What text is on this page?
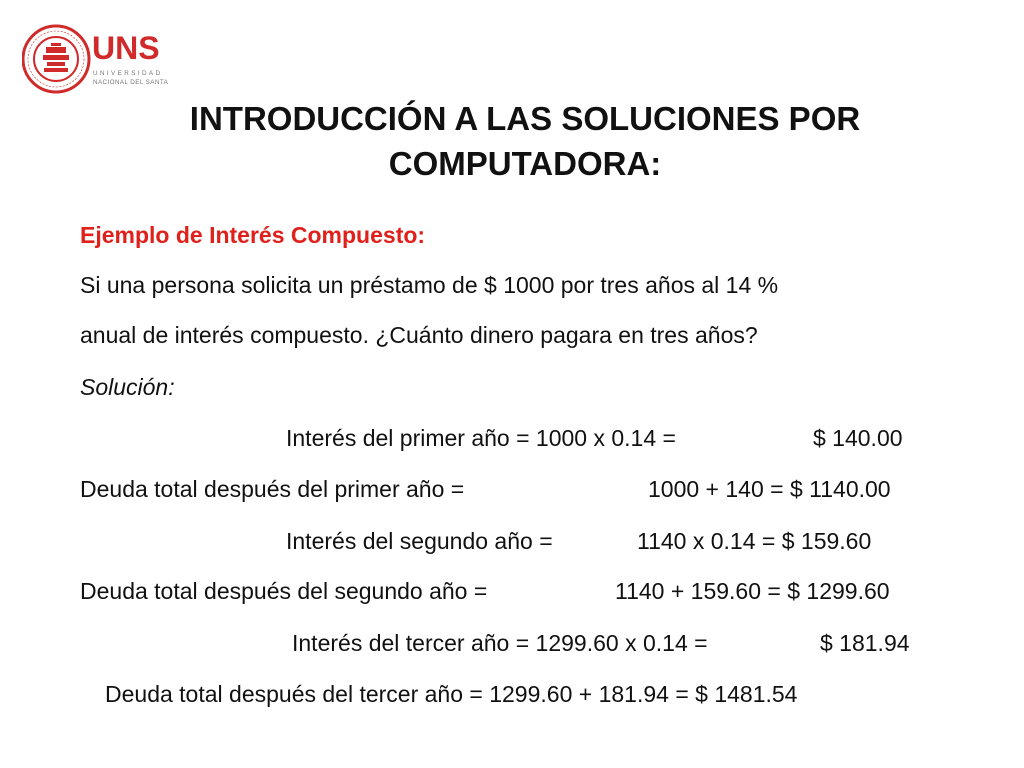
UNS
UNIVERSIDAD
NACIONAL DEL SANTA
INTRODUCCIÓN A LAS SOLUCIONES POR
COMPUTADORA:
Ejemplo de Interés Compuesto:
Si una persona solicita un préstamo de $ 1000 por tres años al 14 %
anual de interés compuesto. ¿Cuánto dinero pagara en tres años?
Solución:
Interés del primer año = 1000 x 0.14 =	$ 140.00
Deuda total después del primer año =	1000 + 140 = $ 1140.00
Interés del segundo año =	1140 x 0.14 = $ 159.60
Deuda total después del segundo año =	1140 + 159.60 = $ 1299.60
Interés del tercer año = 1299.60 x 0.14 =	$ 181.94
Deuda total después del tercer año = 1299.60 + 181.94 = $ 1481.54
